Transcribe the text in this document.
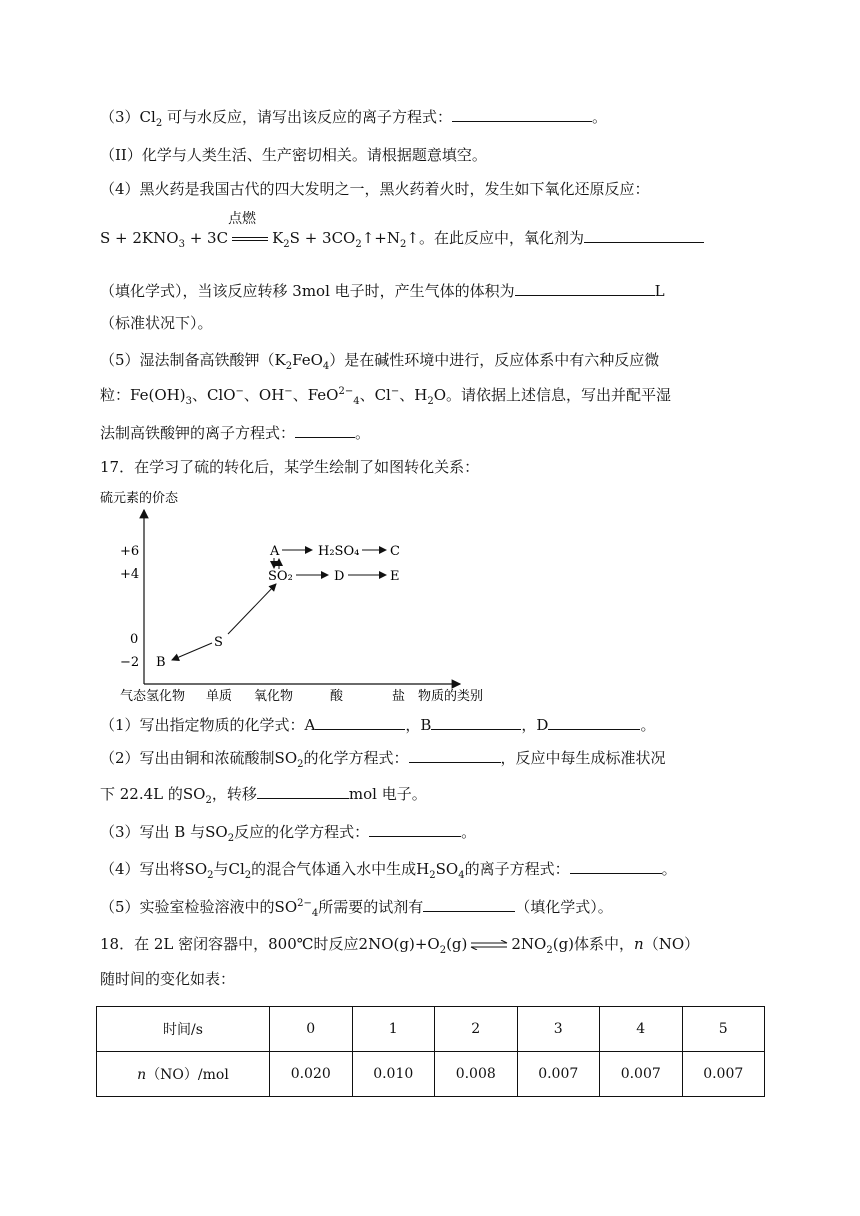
$(3)Cl_2$ 可与水反应，请写出该反应的离子方程式：	。
（II）化学与人类生活、生产密切相关。请根据题意填空。
（4）黑火药是我国古代的四大发明之一，黑火药着火时，发生如下氧化还原反应：
$S + 2KNO_3 + 3C$
点燃
$K_2S$ + $3CO_2↑+N_2↑$。在此反应中，氧化剂为
（填化学式），当该反应转移 3mol 电子时，产生气体的体积为	L
（标准状况下）。
（5）湿法制备高铁酸钾$(K_2FeO_4)$是在碱性环境中进行，反应体系中有六种反应微
粒：$Fe(OH)_3$、ClO−、OH−、FeO$^{2-}_4$、Cl−、$H_2O$。请依据上述信息，写出并配平湿
法制高铁酸钾的离子方程式：	。
17．在学习了硫的转化后，某学生绘制了如图转化关系：
硫元素的价态
+6
+4
0
−2
气态氢化物 单质 氧化物	酸	盐 物质的类别
A	H₂SO₄ C
SO₂	D	E
S
B
（1）写出指定物质的化学式：A	，B	，D	。
（2）写出由铜和浓硫酸制$SO_2$的化学方程式：	，反应中每生成标准状况
下 22.4L 的$SO_2$，转移	mol 电子。
（3）写出 B 与$SO_2$反应的化学方程式：	。
（4）写出将$SO_2$与$Cl_2$的混合气体通入水中生成$H_2SO_4$的离子方程式：	。
（5）实验室检验溶液中的$SO^{2-}_4$所需要的试剂有	（填化学式）。
18．在 2L 密闭容器中，800℃时反应$2NO(g)+O_2(g)$ ⇌ $2NO_2(g)$体系中，n（NO）
随时间的变化如表：
时间/s	0	1	2	3	4	5
n（NO）/mol	0.020	0.010	0.008	0.007	0.007	0.007
